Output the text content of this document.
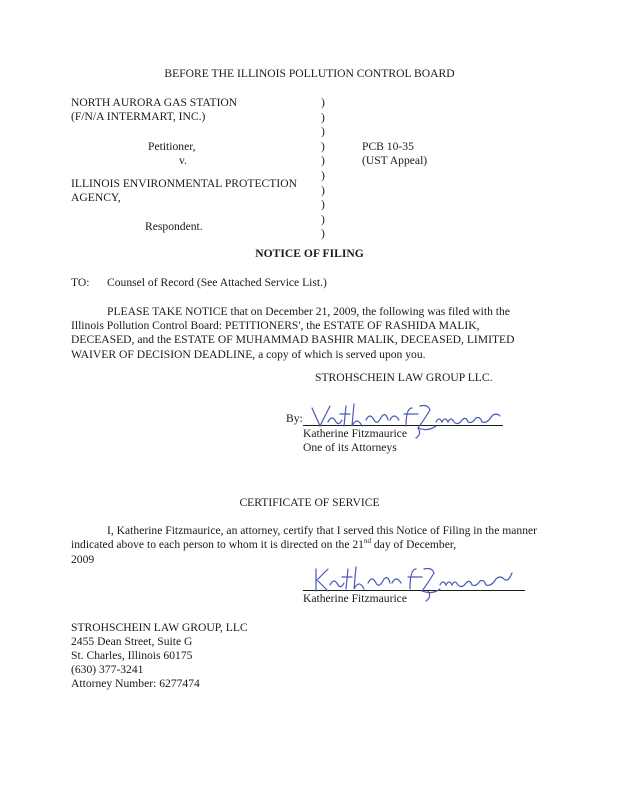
BEFORE THE ILLINOIS POLLUTION CONTROL BOARD
NORTH AURORA GAS STATION
(F/N/A INTERMART, INC.)
Petitioner,
v.
ILLINOIS ENVIRONMENTAL PROTECTION
AGENCY,
Respondent.
)
)
)
)
)
)
)
)
)
)
PCB 10-35
(UST Appeal)
NOTICE OF FILING
TO: Counsel of Record (See Attached Service List.)
PLEASE TAKE NOTICE that on December 21, 2009, the following was filed with the Illinois Pollution Control Board: PETITIONERS', the ESTATE OF RASHIDA MALIK, DECEASED, and the ESTATE OF MUHAMMAD BASHIR MALIK, DECEASED, LIMITED WAIVER OF DECISION DEADLINE, a copy of which is served upon you.
STROHSCHEIN LAW GROUP LLC.
By:
Katherine Fitzmaurice
One of its Attorneys
CERTIFICATE OF SERVICE
I, Katherine Fitzmaurice, an attorney, certify that I served this Notice of Filing in the manner indicated above to each person to whom it is directed on the 21nd day of December,
2009
Katherine Fitzmaurice
STROHSCHEIN LAW GROUP, LLC
2455 Dean Street, Suite G
St. Charles, Illinois 60175
(630) 377-3241
Attorney Number: 6277474
